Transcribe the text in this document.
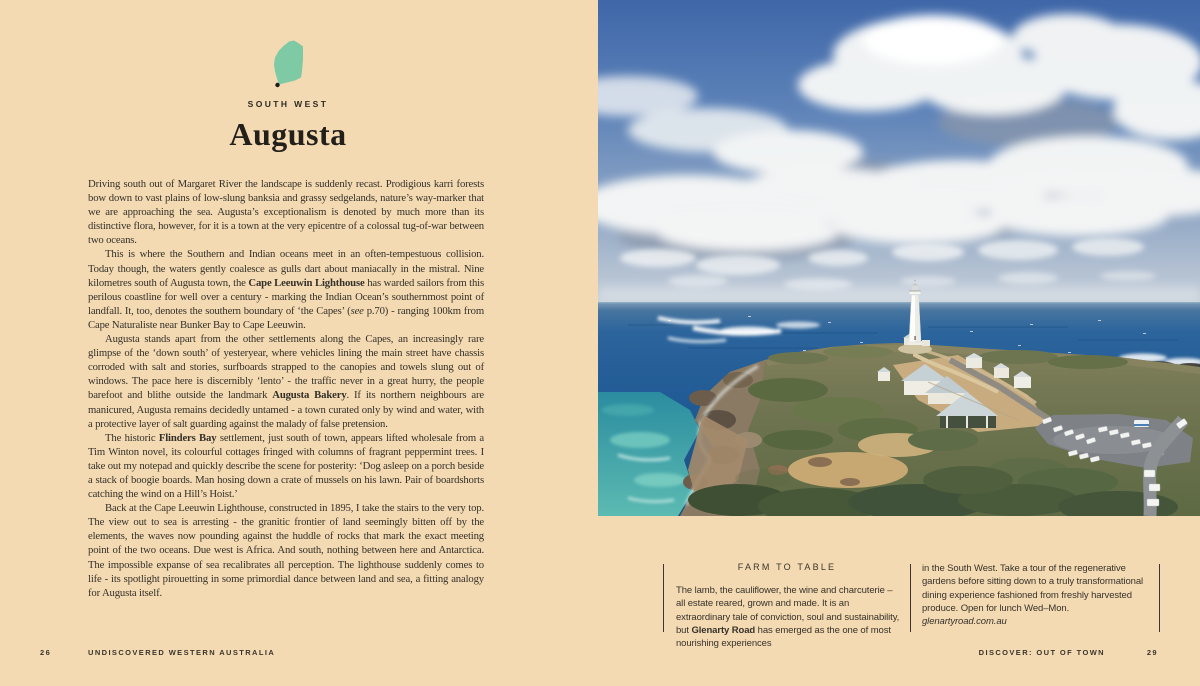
SOUTH WEST
Augusta

Driving south out of Margaret River the landscape is suddenly recast. Prodigious karri forests bow down to vast plains of low-slung banksia and grassy sedgelands, nature’s way-marker that we are approaching the sea. Augusta’s exceptionalism is denoted by much more than its distinctive flora, however, for it is a town at the very epicentre of a colossal tug-of-war between two oceans.

This is where the Southern and Indian oceans meet in an often-tempestuous collision. Today though, the waters gently coalesce as gulls dart about maniacally in the mistral. Nine kilometres south of Augusta town, the Cape Leeuwin Lighthouse has warded sailors from this perilous coastline for well over a century - marking the Indian Ocean’s southernmost point of landfall. It, too, denotes the southern boundary of ‘the Capes’ (see p.70) - ranging 100km from Cape Naturaliste near Bunker Bay to Cape Leeuwin.

Augusta stands apart from the other settlements along the Capes, an increasingly rare glimpse of the ‘down south’ of yesteryear, where vehicles lining the main street have chassis corroded with salt and stories, surfboards strapped to the canopies and towels slung out of windows. The pace here is discernibly ‘lento’ - the traffic never in a great hurry, the people barefoot and blithe outside the landmark Augusta Bakery. If its northern neighbours are manicured, Augusta remains decidedly untamed - a town curated only by wind and water, with a protective layer of salt guarding against the malady of false pretension.

The historic Flinders Bay settlement, just south of town, appears lifted wholesale from a Tim Winton novel, its colourful cottages fringed with columns of fragrant peppermint trees. I take out my notepad and quickly describe the scene for posterity: ‘Dog asleep on a porch beside a stack of boogie boards. Man hosing down a crate of mussels on his lawn. Pair of boardshorts catching the wind on a Hill’s Hoist.’

Back at the Cape Leeuwin Lighthouse, constructed in 1895, I take the stairs to the very top. The view out to sea is arresting - the granitic frontier of land seemingly bitten off by the elements, the waves now pounding against the huddle of rocks that mark the exact meeting point of the two oceans. Due west is Africa. And south, nothing between here and Antarctica. The impossible expanse of sea recalibrates all perception. The lighthouse suddenly comes to life - its spotlight pirouetting in some primordial dance between land and sea, a fitting analogy for Augusta itself.

26	UNDISCOVERED WESTERN AUSTRALIA
FARM TO TABLE
The lamb, the cauliflower, the wine and charcuterie – all estate reared, grown and made. It is an extraordinary tale of conviction, soul and sustainability, but Glenarty Road has emerged as the one of most nourishing experiences
in the South West. Take a tour of the regenerative gardens before sitting down to a truly transformational dining experience fashioned from freshly harvested produce. Open for lunch Wed–Mon.
glenartyroad.com.au
DISCOVER: OUT OF TOWN	29
